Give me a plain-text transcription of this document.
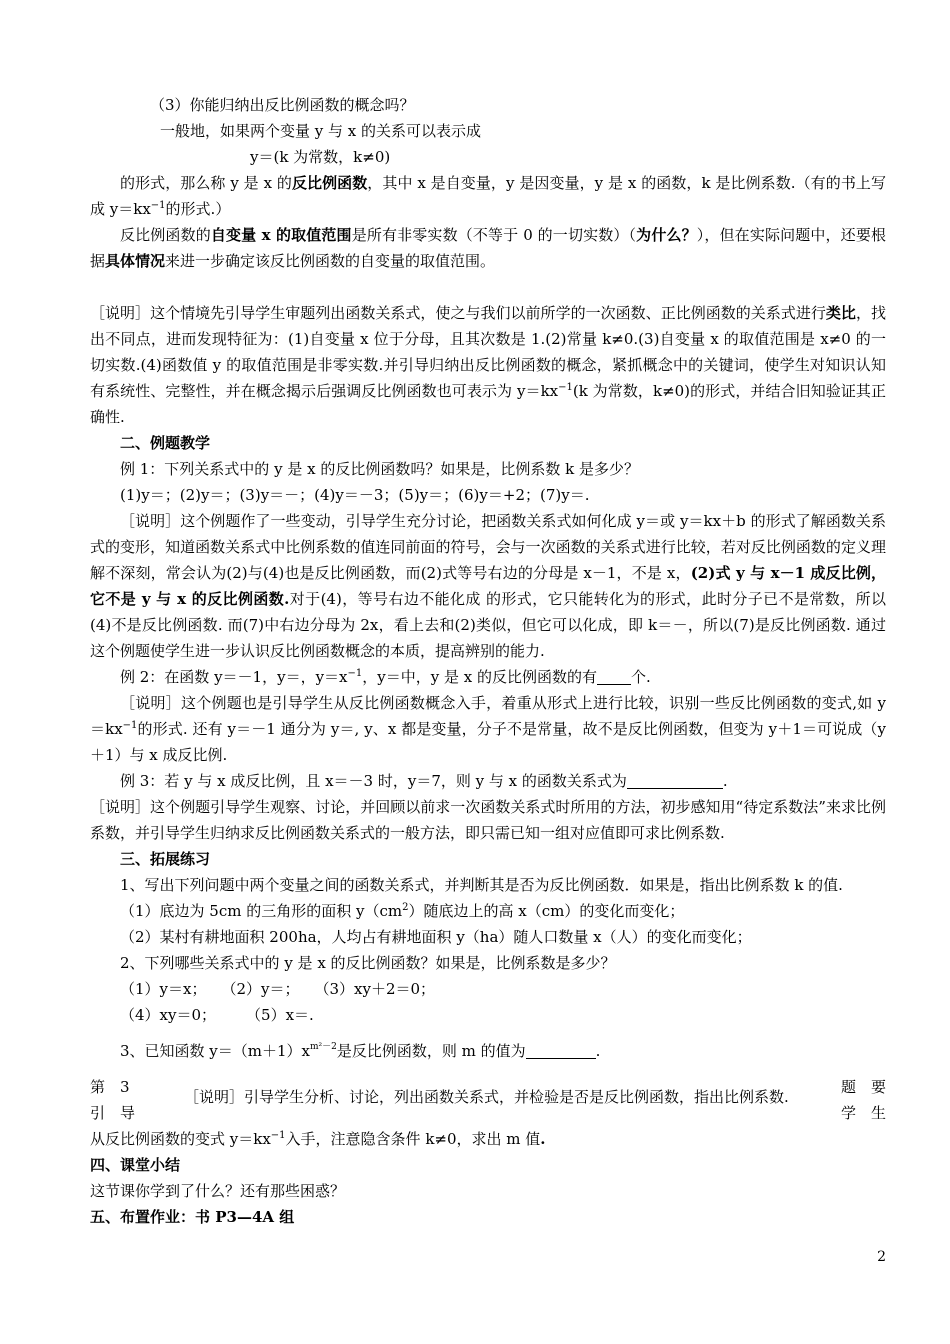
（3）你能归纳出反比例函数的概念吗？

一般地，如果两个变量 y 与 x 的关系可以表示成

y＝(k 为常数，k≠0)

的形式，那么称 y 是 x 的反比例函数，其中 x 是自变量，y 是因变量，y 是 x 的函数，k 是比例系数.（有的书上写成 $y=kx^{-1}$的形式.）

反比例函数的自变量 x 的取值范围是所有非零实数（不等于 0 的一切实数）（为什么？），但在实际问题中，还要根据具体情况来进一步确定该反比例函数的自变量的取值范围。

［说明］这个情境先引导学生审题列出函数关系式，使之与我们以前所学的一次函数、正比例函数的关系式进行类比，找出不同点，进而发现特征为：(1)自变量 x 位于分母，且其次数是 1.(2)常量 k≠0.(3)自变量 x 的取值范围是 x≠0 的一切实数.(4)函数值 y 的取值范围是非零实数.并引导归纳出反比例函数的概念，紧抓概念中的关键词，使学生对知识认知有系统性、完整性，并在概念揭示后强调反比例函数也可表示为 $y=kx^{-1}(k$ 为常数，k≠0)的形式，并结合旧知验证其正确性.

二、例题教学

例 1：下列关系式中的 y 是 x 的反比例函数吗？如果是，比例系数 k 是多少？

(1)y＝；(2)y＝；(3)y＝－；(4)y＝－3；(5)y＝；(6)y＝+2；(7)y＝.

［说明］这个例题作了一些变动，引导学生充分讨论，把函数关系式如何化成 y＝或 y＝kx＋b 的形式了解函数关系式的变形，知道函数关系式中比例系数的值连同前面的符号，会与一次函数的关系式进行比较，若对反比例函数的定义理解不深刻，常会认为(2)与(4)也是反比例函数，而(2)式等号右边的分母是 x－1，不是 x，(2)式 y 与 x－1 成反比例，它不是 y 与 x 的反比例函数.对于(4)，等号右边不能化成 的形式，它只能转化为的形式，此时分子已不是常数，所以(4)不是反比例函数. 而(7)中右边分母为 2x，看上去和(2)类似，但它可以化成，即 k＝－，所以(7)是反比例函数. 通过这个例题使学生进一步认识反比例函数概念的本质，提高辨别的能力.

例 2：在函数 y＝－1，y＝，$y=x^{-1}$，y＝中，y 是 x 的反比例函数的有 个.

［说明］这个例题也是引导学生从反比例函数概念入手，着重从形式上进行比较，识别一些反比例函数的变式,如 $y=kx^{-1}$的形式. 还有 y＝－1 通分为 y＝, y、x 都是变量，分子不是常量，故不是反比例函数，但变为 y＋1＝可说成（y＋1）与 x 成反比例.

例 3：若 y 与 x 成反比例，且 x＝－3 时，y＝7，则 y 与 x 的函数关系式为	.

［说明］这个例题引导学生观察、讨论，并回顾以前求一次函数关系式时所用的方法，初步感知用“待定系数法”来求比例系数，并引导学生归纳求反比例函数关系式的一般方法，即只需已知一组对应值即可求比例系数.

三、拓展练习

1、写出下列问题中两个变量之间的函数关系式，并判断其是否为反比例函数．如果是，指出比例系数 k 的值.

（1）底边为 5cm 的三角形的面积 $y(cm^2)$随底边上的高 x（cm）的变化而变化；

（2）某村有耕地面积 200ha，人均占有耕地面积 y（ha）随人口数量 x（人）的变化而变化；

2、下列哪些关系式中的 y 是 x 的反比例函数？如果是，比例系数是多少？

（1）y＝x；　　（2）y＝；　　（3）xy＋2＝0；

（4）xy＝0；　　　（5）x＝.

3、已知函数 $y=(m+1)x^{m^2-2}$是反比例函数，则 m 的值为	.

第　3
引　导
［说明］引导学生分析、讨论，列出函数关系式，并检验是否是反比例函数，指出比例系数.
题　要
学　生

从反比例函数的变式 $y=kx^{-1}$入手，注意隐含条件 k≠0，求出 m 值.

四、课堂小结

这节课你学到了什么？还有那些困惑？

五、布置作业：书 P3—4A 组

2
